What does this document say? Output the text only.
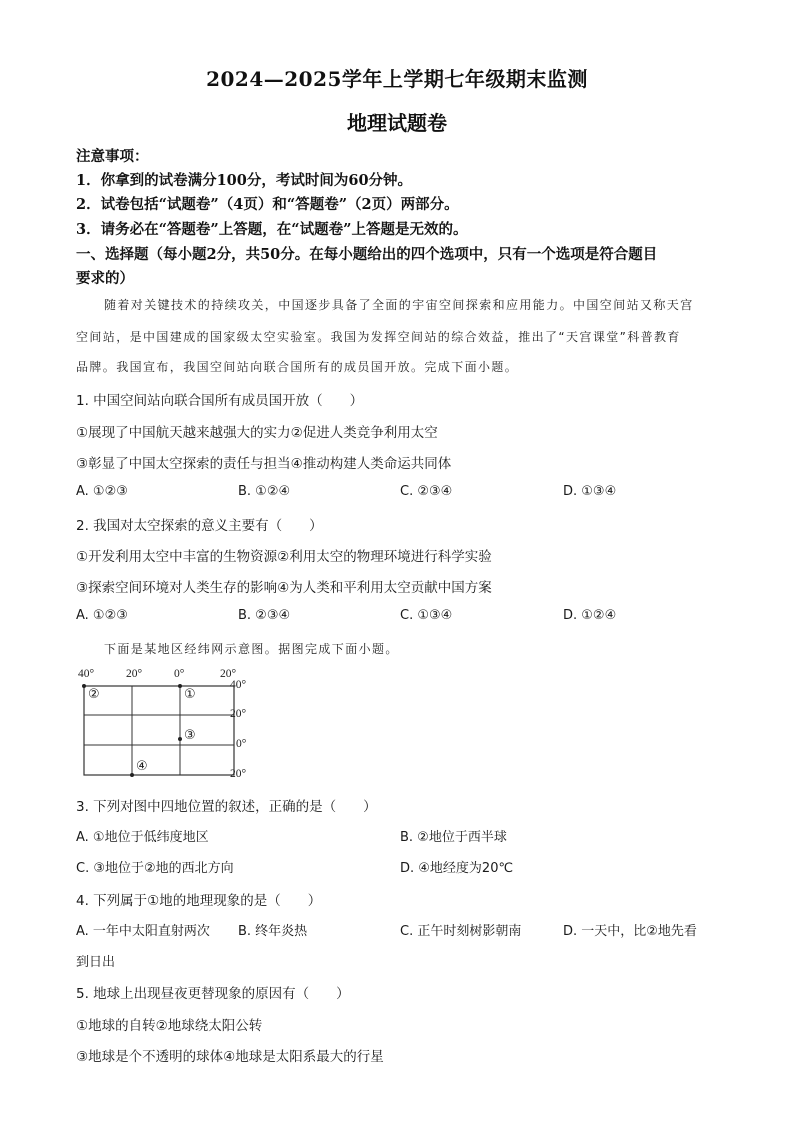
2024—2025学年上学期七年级期末监测
地理试题卷
注意事项：
1．你拿到的试卷满分100分，考试时间为60分钟。
2．试卷包括“试题卷”（4页）和“答题卷”（2页）两部分。
3．请务必在“答题卷”上答题，在“试题卷”上答题是无效的。
一、选择题（每小题2分，共50分。在每小题给出的四个选项中，只有一个选项是符合题目
要求的）
随着对关键技术的持续攻关，中国逐步具备了全面的宇宙空间探索和应用能力。中国空间站又称天宫
空间站，是中国建成的国家级太空实验室。我国为发挥空间站的综合效益，推出了“天宫课堂”科普教育
品牌。我国宣布，我国空间站向联合国所有的成员国开放。完成下面小题。
1. 中国空间站向联合国所有成员国开放（　　）
①展现了中国航天越来越强大的实力②促进人类竞争利用太空
③彰显了中国太空探索的责任与担当④推动构建人类命运共同体
A. ①②③	B. ①②④	C. ②③④	D. ①③④
2. 我国对太空探索的意义主要有（　　）
①开发利用太空中丰富的生物资源②利用太空的物理环境进行科学实验
③探索空间环境对人类生存的影响④为人类和平利用太空贡献中国方案
A. ①②③	B. ②③④	C. ①③④	D. ①②④
下面是某地区经纬网示意图。据图完成下面小题。
40°	20°	0°	20°
40°
20°
0°
20°
②	①
③
④
3. 下列对图中四地位置的叙述，正确的是（　　）
A. ①地位于低纬度地区	B. ②地位于西半球
C. ③地位于②地的西北方向	D. ④地经度为20℃
4. 下列属于①地的地理现象的是（　　）
A. 一年中太阳直射两次 B. 终年炎热	C. 正午时刻树影朝南	D. 一天中，比②地先看
到日出
5. 地球上出现昼夜更替现象的原因有（　　）
①地球的自转②地球绕太阳公转
③地球是个不透明的球体④地球是太阳系最大的行星
